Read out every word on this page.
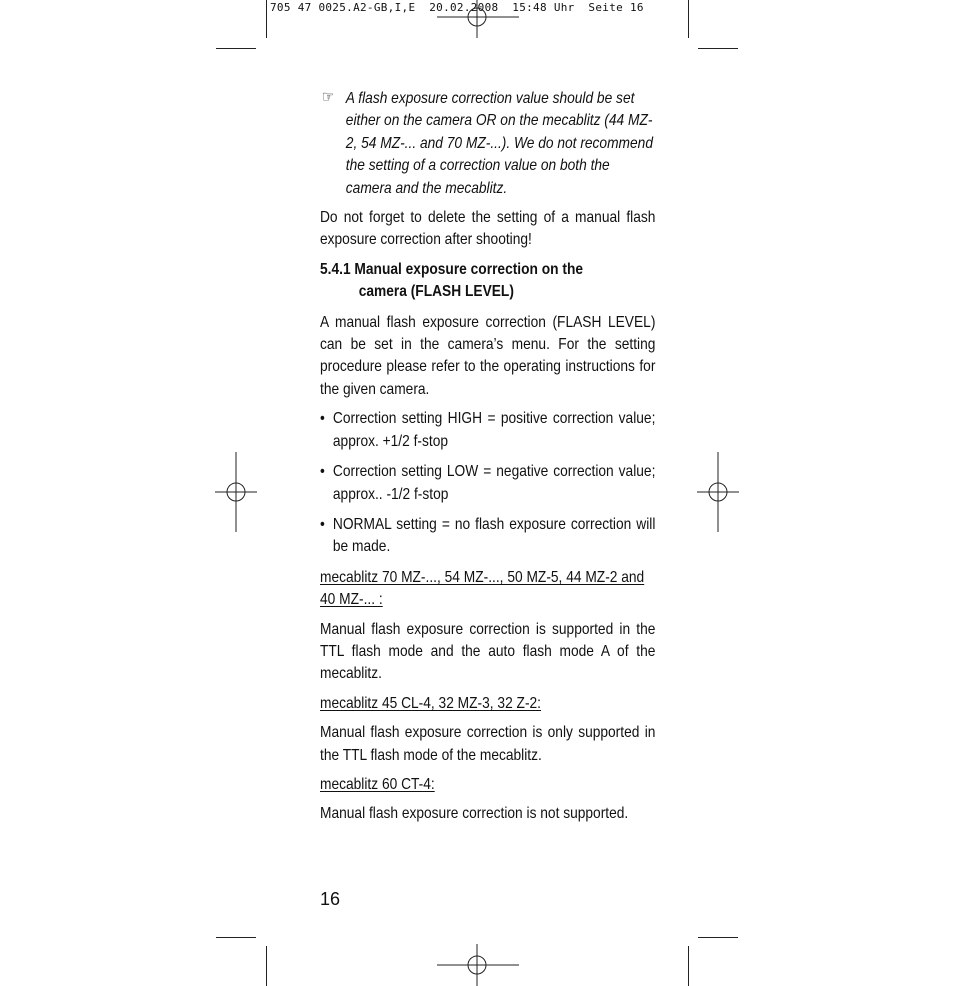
705 47 0025.A2-GB,I,E  20.02.2008  15:48 Uhr  Seite 16
☞ A flash exposure correction value should be set either on the camera OR on the mecablitz (44 MZ-2, 54 MZ-... and 70 MZ-...). We do not recommend the setting of a correction value on both the camera and the mecablitz.

Do not forget to delete the setting of a manual flash exposure correction after shooting!

5.4.1 Manual exposure correction on the
camera (FLASH LEVEL)

A manual flash exposure correction (FLASH LEVEL) can be set in the camera’s menu. For the setting procedure please refer to the operating instructions for the given camera.

• Correction setting HIGH = positive correction value; approx. +1/2 f-stop
• Correction setting LOW = negative correction value; approx.. -1/2 f-stop
• NORMAL setting = no flash exposure correction will be made.

mecablitz 70 MZ-..., 54 MZ-..., 50 MZ-5, 44 MZ-2 and 40 MZ-... :

Manual flash exposure correction is supported in the TTL flash mode and the auto flash mode A of the mecablitz.

mecablitz 45 CL-4, 32 MZ-3, 32 Z-2:

Manual flash exposure correction is only supported in the TTL flash mode of the mecablitz.

mecablitz 60 CT-4:

Manual flash exposure correction is not supported.

16
